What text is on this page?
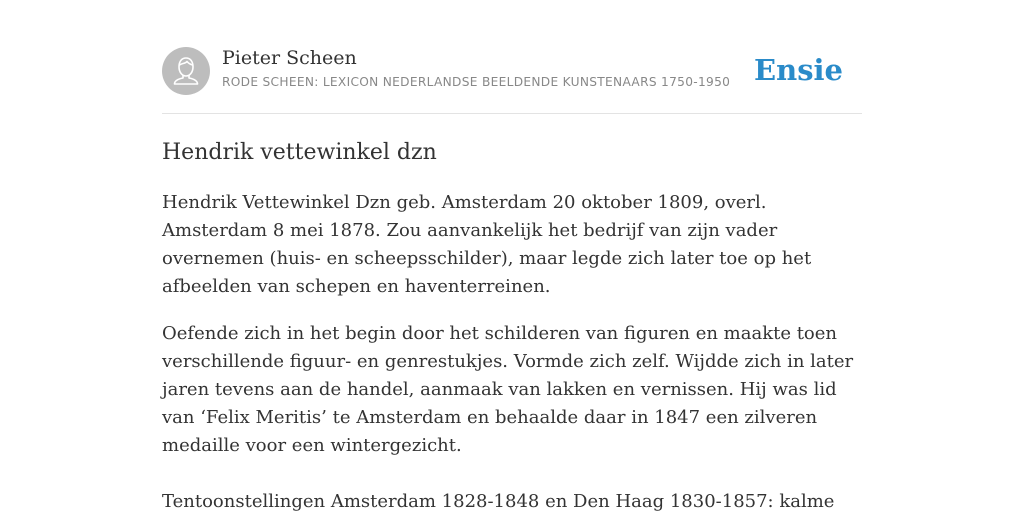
Pieter Scheen
RODE SCHEEN: LEXICON NEDERLANDSE BEELDENDE KUNSTENAARS 1750-1950 Ensie
Hendrik vettewinkel dzn

Hendrik Vettewinkel Dzn geb. Amsterdam 20 oktober 1809, overl. Amsterdam 8 mei 1878. Zou aanvankelijk het bedrijf van zijn vader overnemen (huis- en scheepsschilder), maar legde zich later toe op het afbeelden van schepen en haventerreinen.

Oefende zich in het begin door het schilderen van figuren en maakte toen verschillende figuur- en genrestukjes. Vormde zich zelf. Wijdde zich in later jaren tevens aan de handel, aanmaak van lakken en vernissen. Hij was lid van ‘Felix Meritis’ te Amsterdam en behaalde daar in 1847 een zilveren medaille voor een wintergezicht.

Tentoonstellingen Amsterdam 1828-1848 en Den Haag 1830-1857: kalme
